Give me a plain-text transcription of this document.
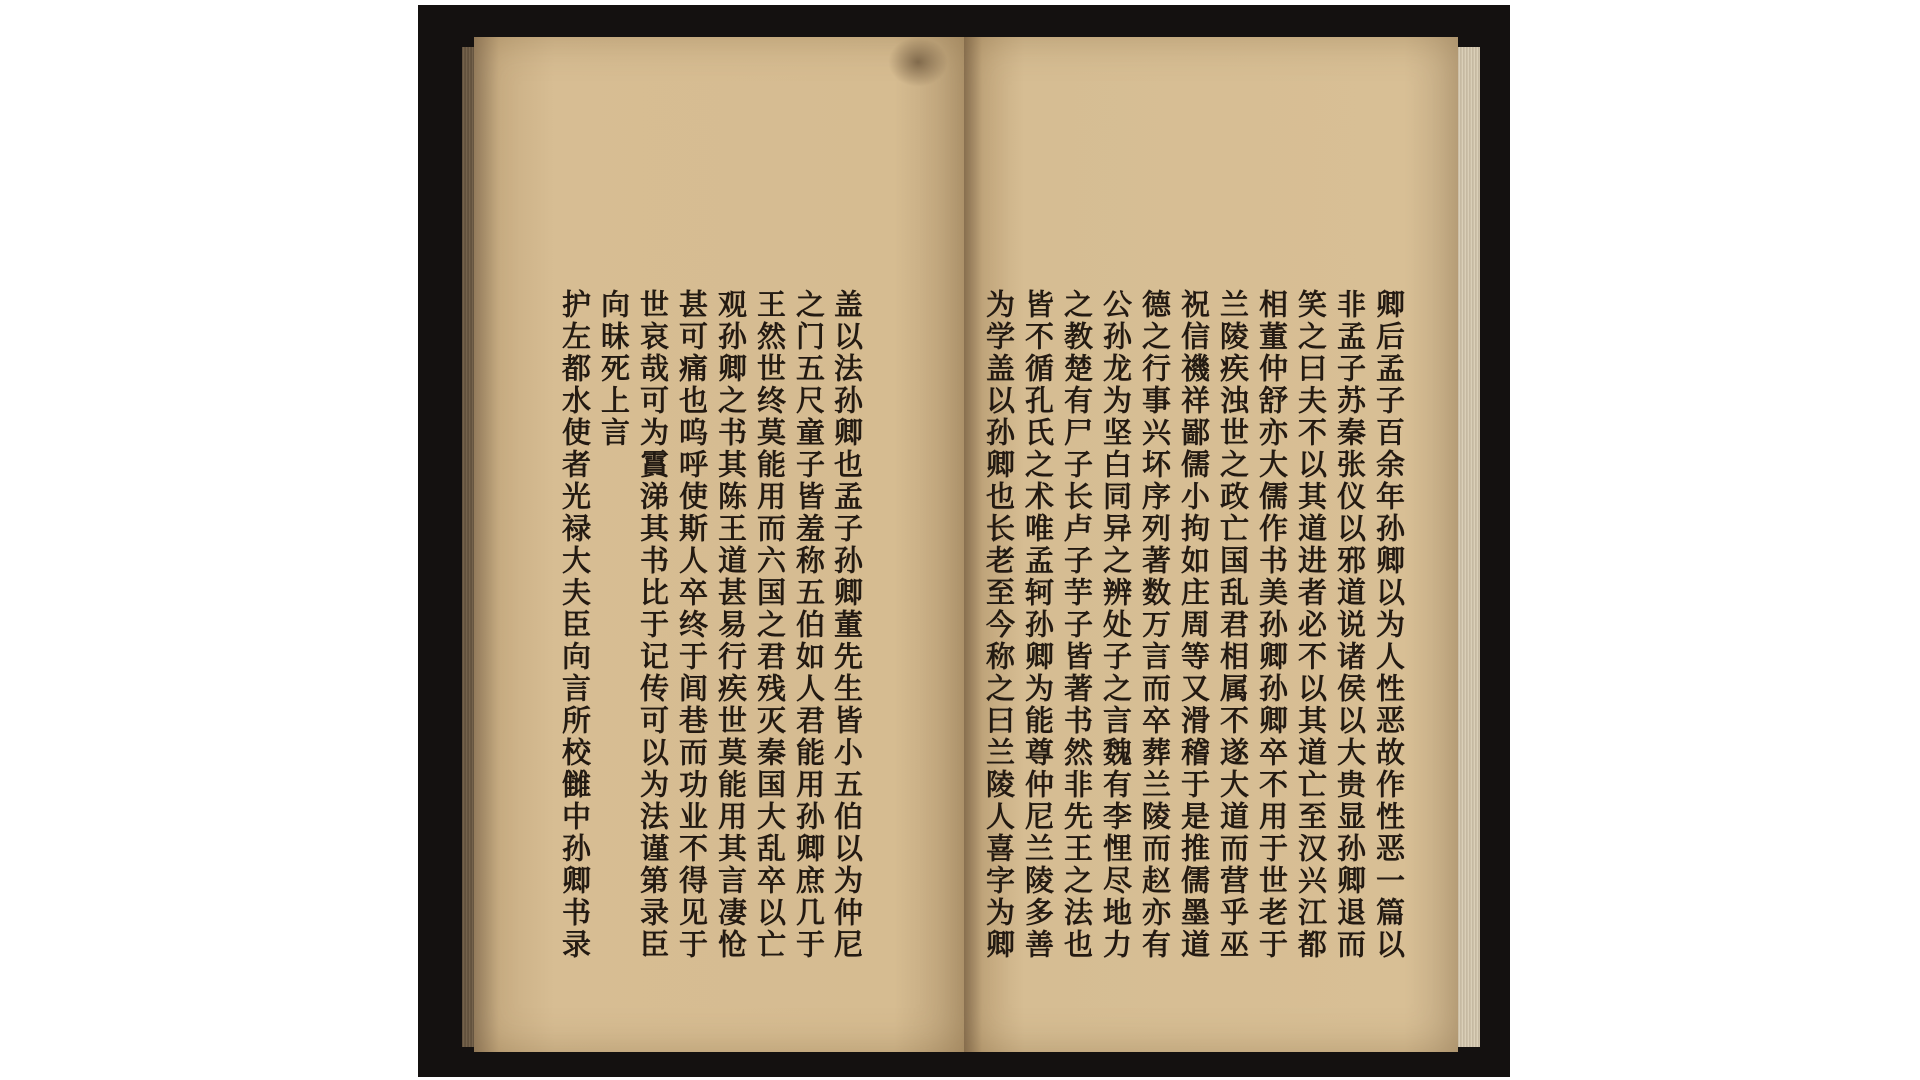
盖以法孙卿也孟子孙卿董先生皆小五伯以为仲尼
之门五尺童子皆羞称五伯如人君能用孙卿庶几于
王然世终莫能用而六国之君残灭秦国大乱卒以亡
观孙卿之书其陈王道甚易行疾世莫能用其言凄怆
甚可痛也呜呼使斯人卒终于闾巷而功业不得见于
世哀哉可为霣涕其书比于记传可以为法谨第录臣
向昧死上言
护左都水使者光禄大夫臣向言所校雠中孙卿书录	卿后孟子百余年孙卿以为人性恶故作性恶一篇以
非孟子苏秦张仪以邪道说诸侯以大贵显孙卿退而
笑之曰夫不以其道进者必不以其道亡至汉兴江都
相董仲舒亦大儒作书美孙卿孙卿卒不用于世老于
兰陵疾浊世之政亡国乱君相属不遂大道而营乎巫
祝信禨祥鄙儒小拘如庄周等又滑稽于是推儒墨道
德之行事兴坏序列著数万言而卒葬兰陵而赵亦有
公孙龙为坚白同异之辨处子之言魏有李悝尽地力
之教楚有尸子长卢子芋子皆著书然非先王之法也
皆不循孔氏之术唯孟轲孙卿为能尊仲尼兰陵多善
为学盖以孙卿也长老至今称之曰兰陵人喜字为卿
